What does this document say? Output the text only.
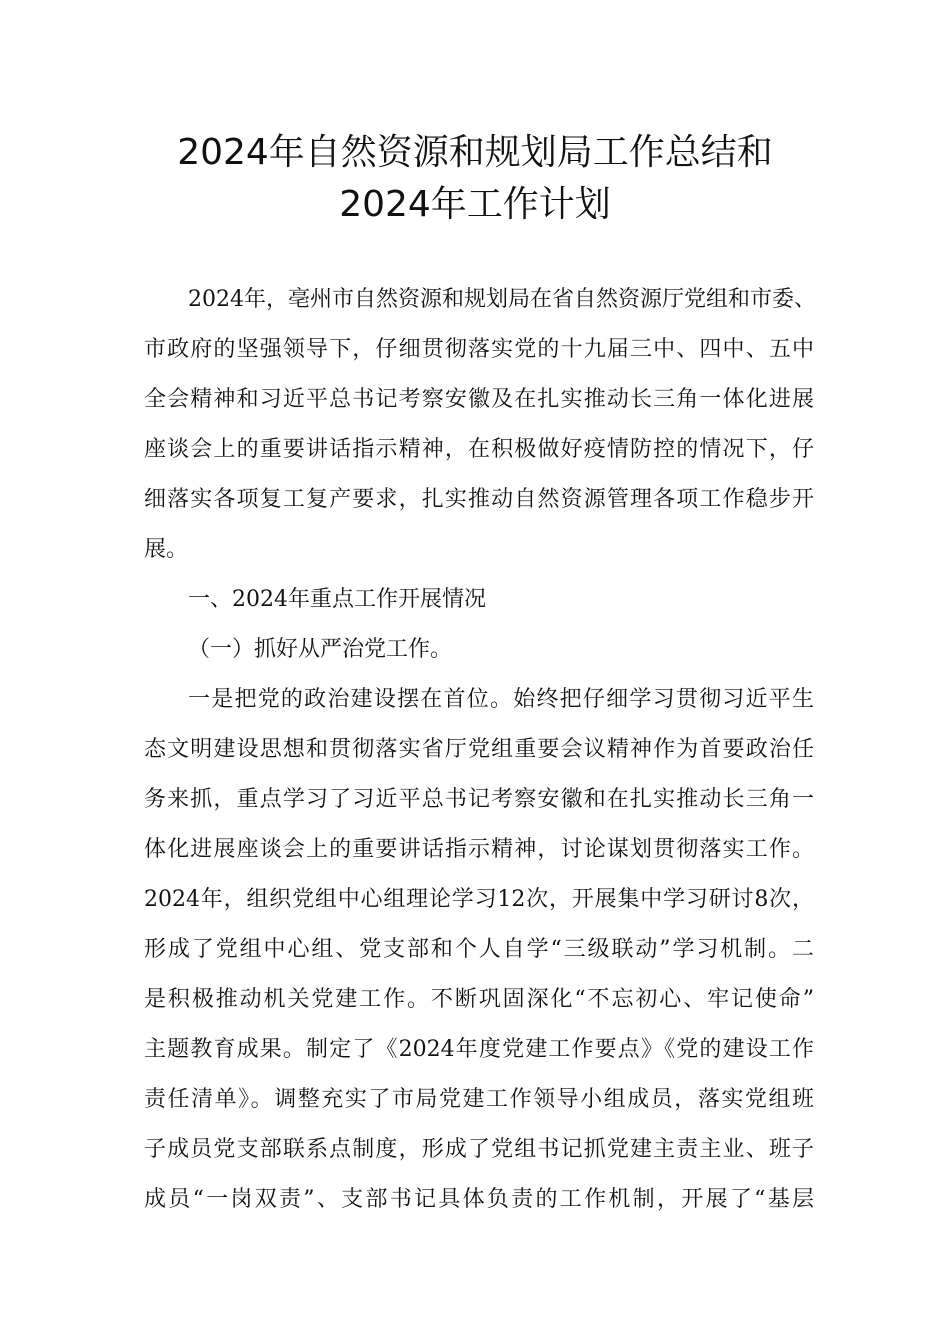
2024年自然资源和规划局工作总结和
2024年工作计划
2024年，亳州市自然资源和规划局在省自然资源厅党组和市委、
市政府的坚强领导下，仔细贯彻落实党的十九届三中、四中、五中
全会精神和习近平总书记考察安徽及在扎实推动长三角一体化进展
座谈会上的重要讲话指示精神，在积极做好疫情防控的情况下，仔
细落实各项复工复产要求，扎实推动自然资源管理各项工作稳步开
展。
一、2024年重点工作开展情况
（一）抓好从严治党工作。
一是把党的政治建设摆在首位。始终把仔细学习贯彻习近平生
态文明建设思想和贯彻落实省厅党组重要会议精神作为首要政治任
务来抓，重点学习了习近平总书记考察安徽和在扎实推动长三角一
体化进展座谈会上的重要讲话指示精神，讨论谋划贯彻落实工作。
2024年，组织党组中心组理论学习12次，开展集中学习研讨8次，
形成了党组中心组、党支部和个人自学“三级联动”学习机制。二
是积极推动机关党建工作。不断巩固深化“不忘初心、牢记使命”
主题教育成果。制定了《2024年度党建工作要点》《党的建设工作
责任清单》。调整充实了市局党建工作领导小组成员，落实党组班
子成员党支部联系点制度，形成了党组书记抓党建主责主业、班子
成员“一岗双责”、支部书记具体负责的工作机制，开展了“基层
